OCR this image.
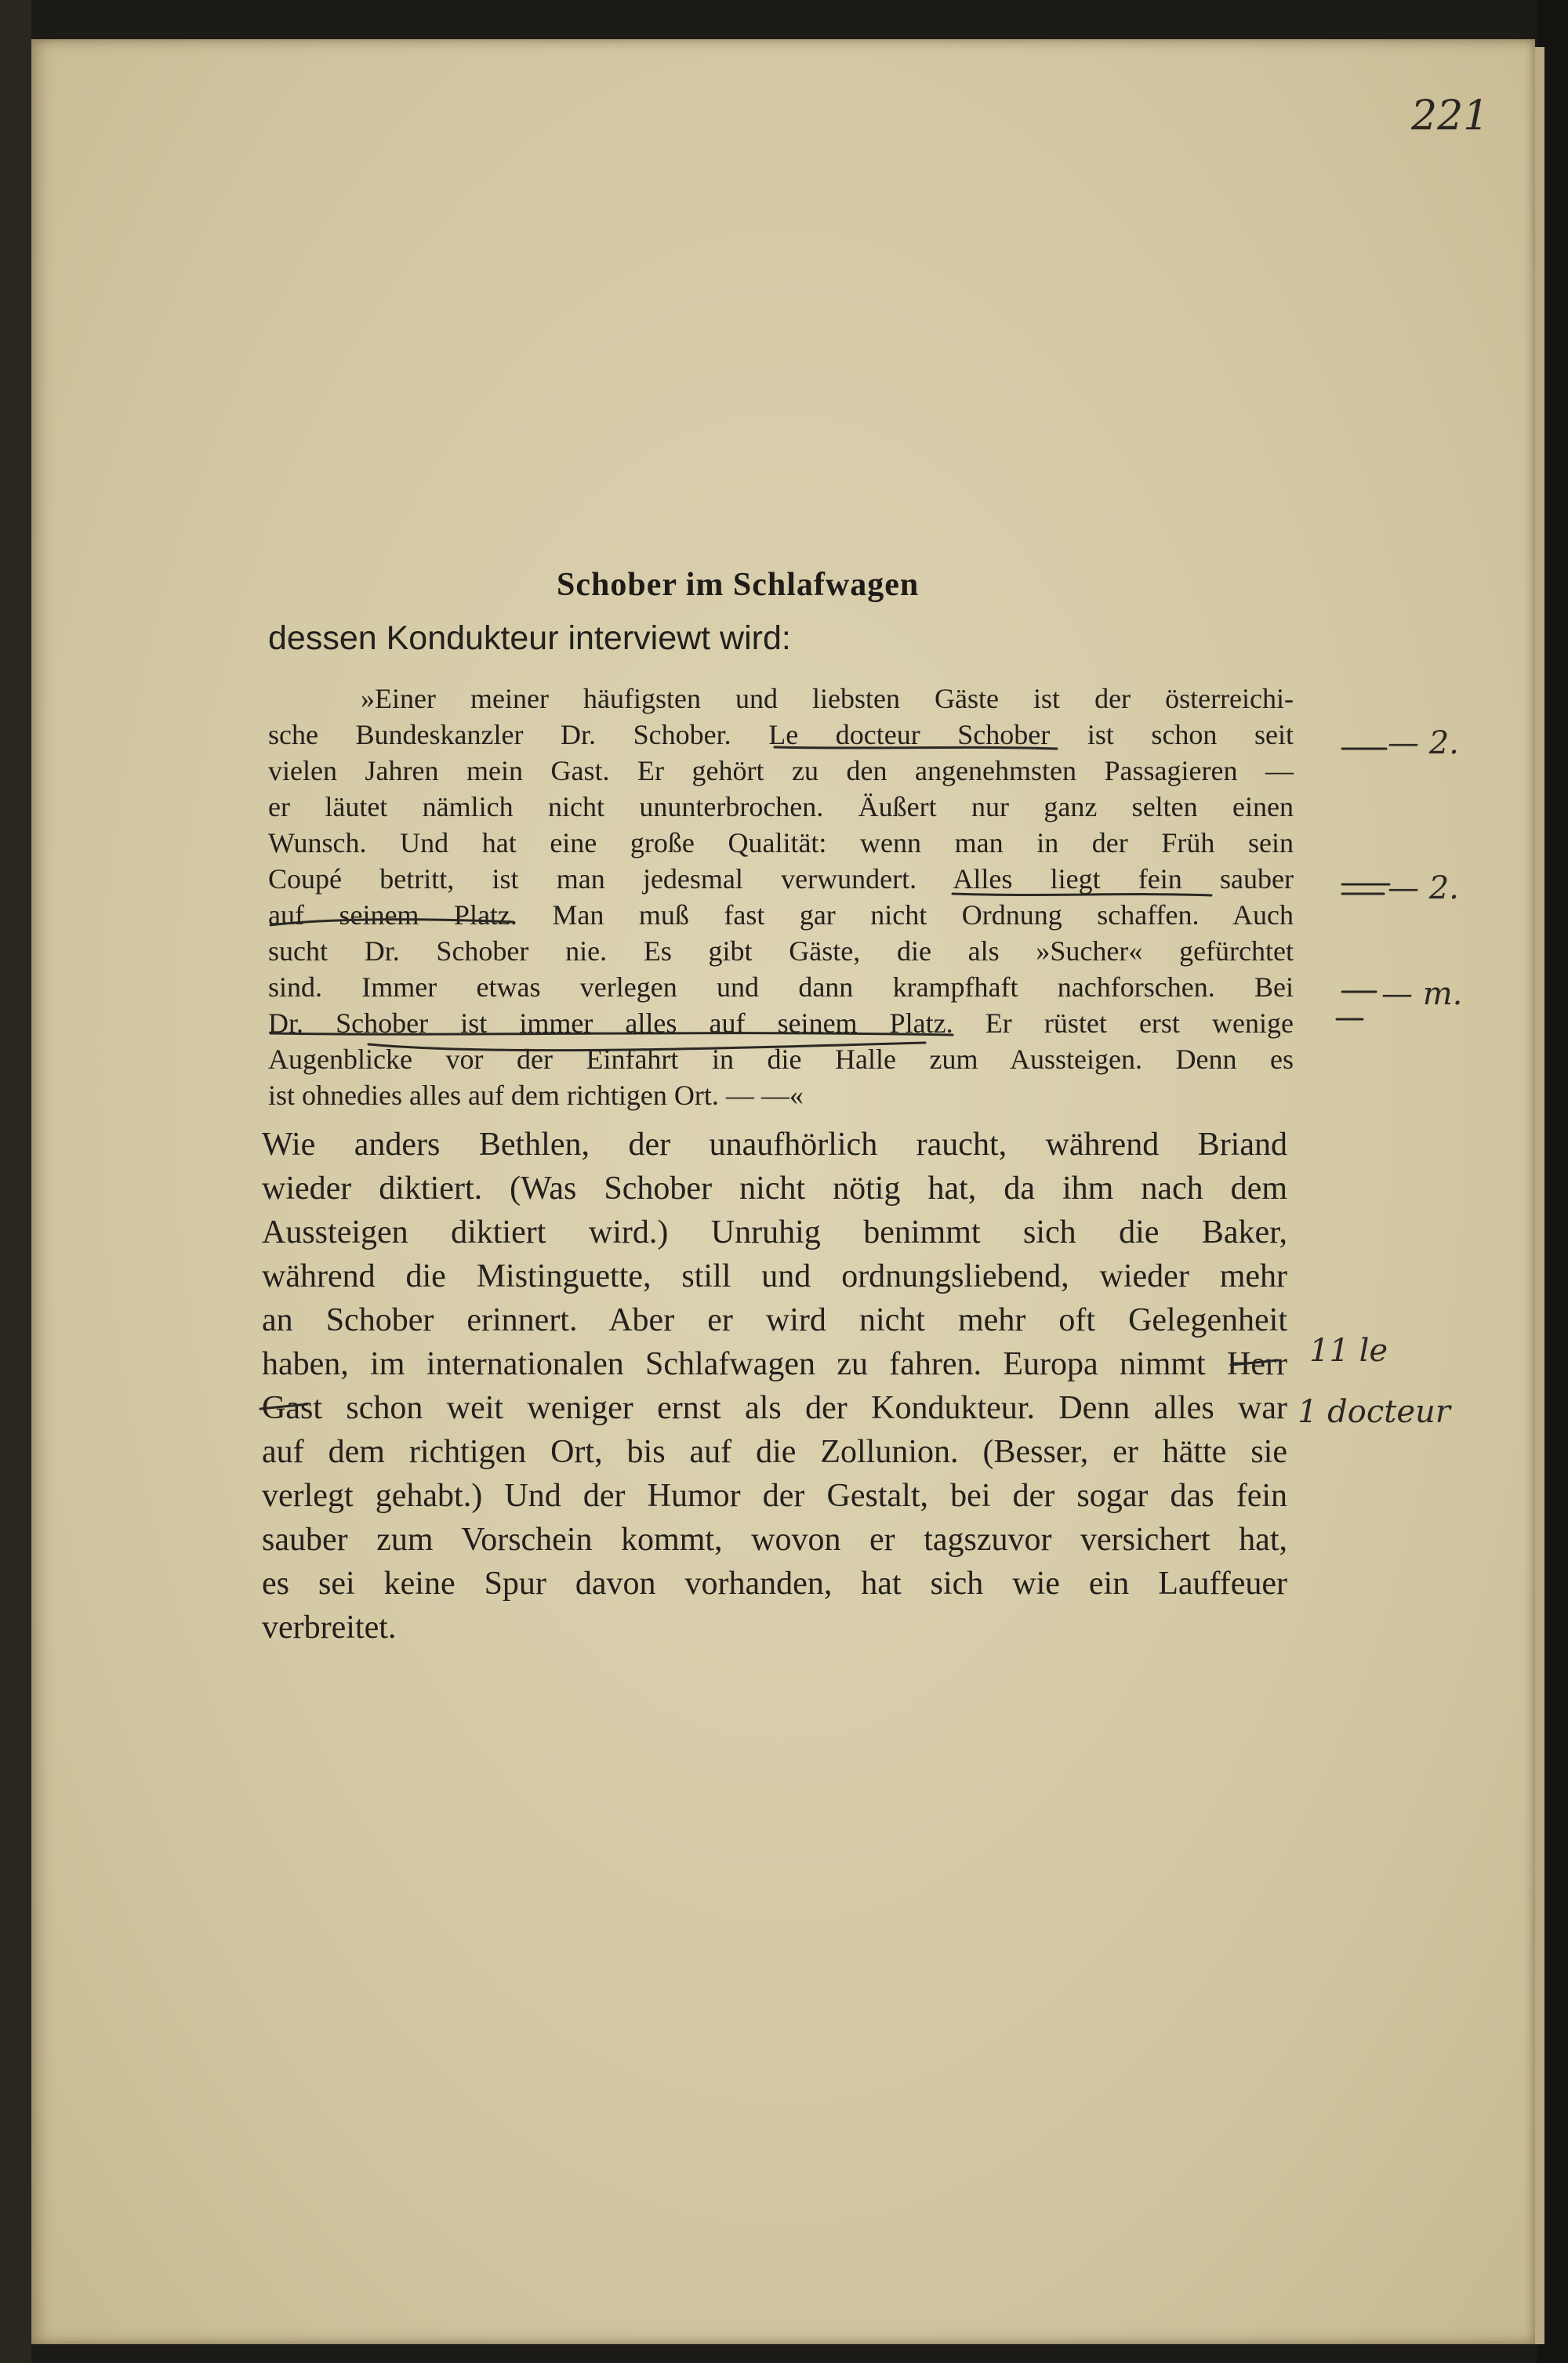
221
Schober im Schlafwagen
dessen Kondukteur interviewt wird:
»Einer meiner häufigsten und liebsten Gäste ist der österreichi-
sche Bundeskanzler Dr. Schober. Le docteur Schober ist schon seit
vielen Jahren mein Gast. Er gehört zu den angenehmsten Passagieren —
er läutet nämlich nicht ununterbrochen. Äußert nur ganz selten einen
Wunsch. Und hat eine große Qualität: wenn man in der Früh sein
Coupé betritt, ist man jedesmal verwundert. Alles liegt fein sauber
auf seinem Platz. Man muß fast gar nicht Ordnung schaffen. Auch
sucht Dr. Schober nie. Es gibt Gäste, die als »Sucher« gefürchtet
sind. Immer etwas verlegen und dann krampfhaft nachforschen. Bei
Dr. Schober ist immer alles auf seinem Platz. Er rüstet erst wenige
Augenblicke vor der Einfahrt in die Halle zum Aussteigen. Denn es
ist ohnedies alles auf dem richtigen Ort. — —«
Wie anders Bethlen, der unaufhörlich raucht, während Briand
wieder diktiert. (Was Schober nicht nötig hat, da ihm nach dem
Aussteigen diktiert wird.) Unruhig benimmt sich die Baker,
während die Mistinguette, still und ordnungsliebend, wieder mehr
an Schober erinnert. Aber er wird nicht mehr oft Gelegenheit
haben, im internationalen Schlafwagen zu fahren. Europa nimmt Herr
Gast schon weit weniger ernst als der Kondukteur. Denn alles war
auf dem richtigen Ort, bis auf die Zollunion. (Besser, er hätte sie
verlegt gehabt.) Und der Humor der Gestalt, bei der sogar das fein
sauber zum Vorschein kommt, wovon er tagszuvor versichert hat,
es sei keine Spur davon vorhanden, hat sich wie ein Lauffeuer
verbreitet.
— 2.
— 2.
— m.
11 le
1 docteur
